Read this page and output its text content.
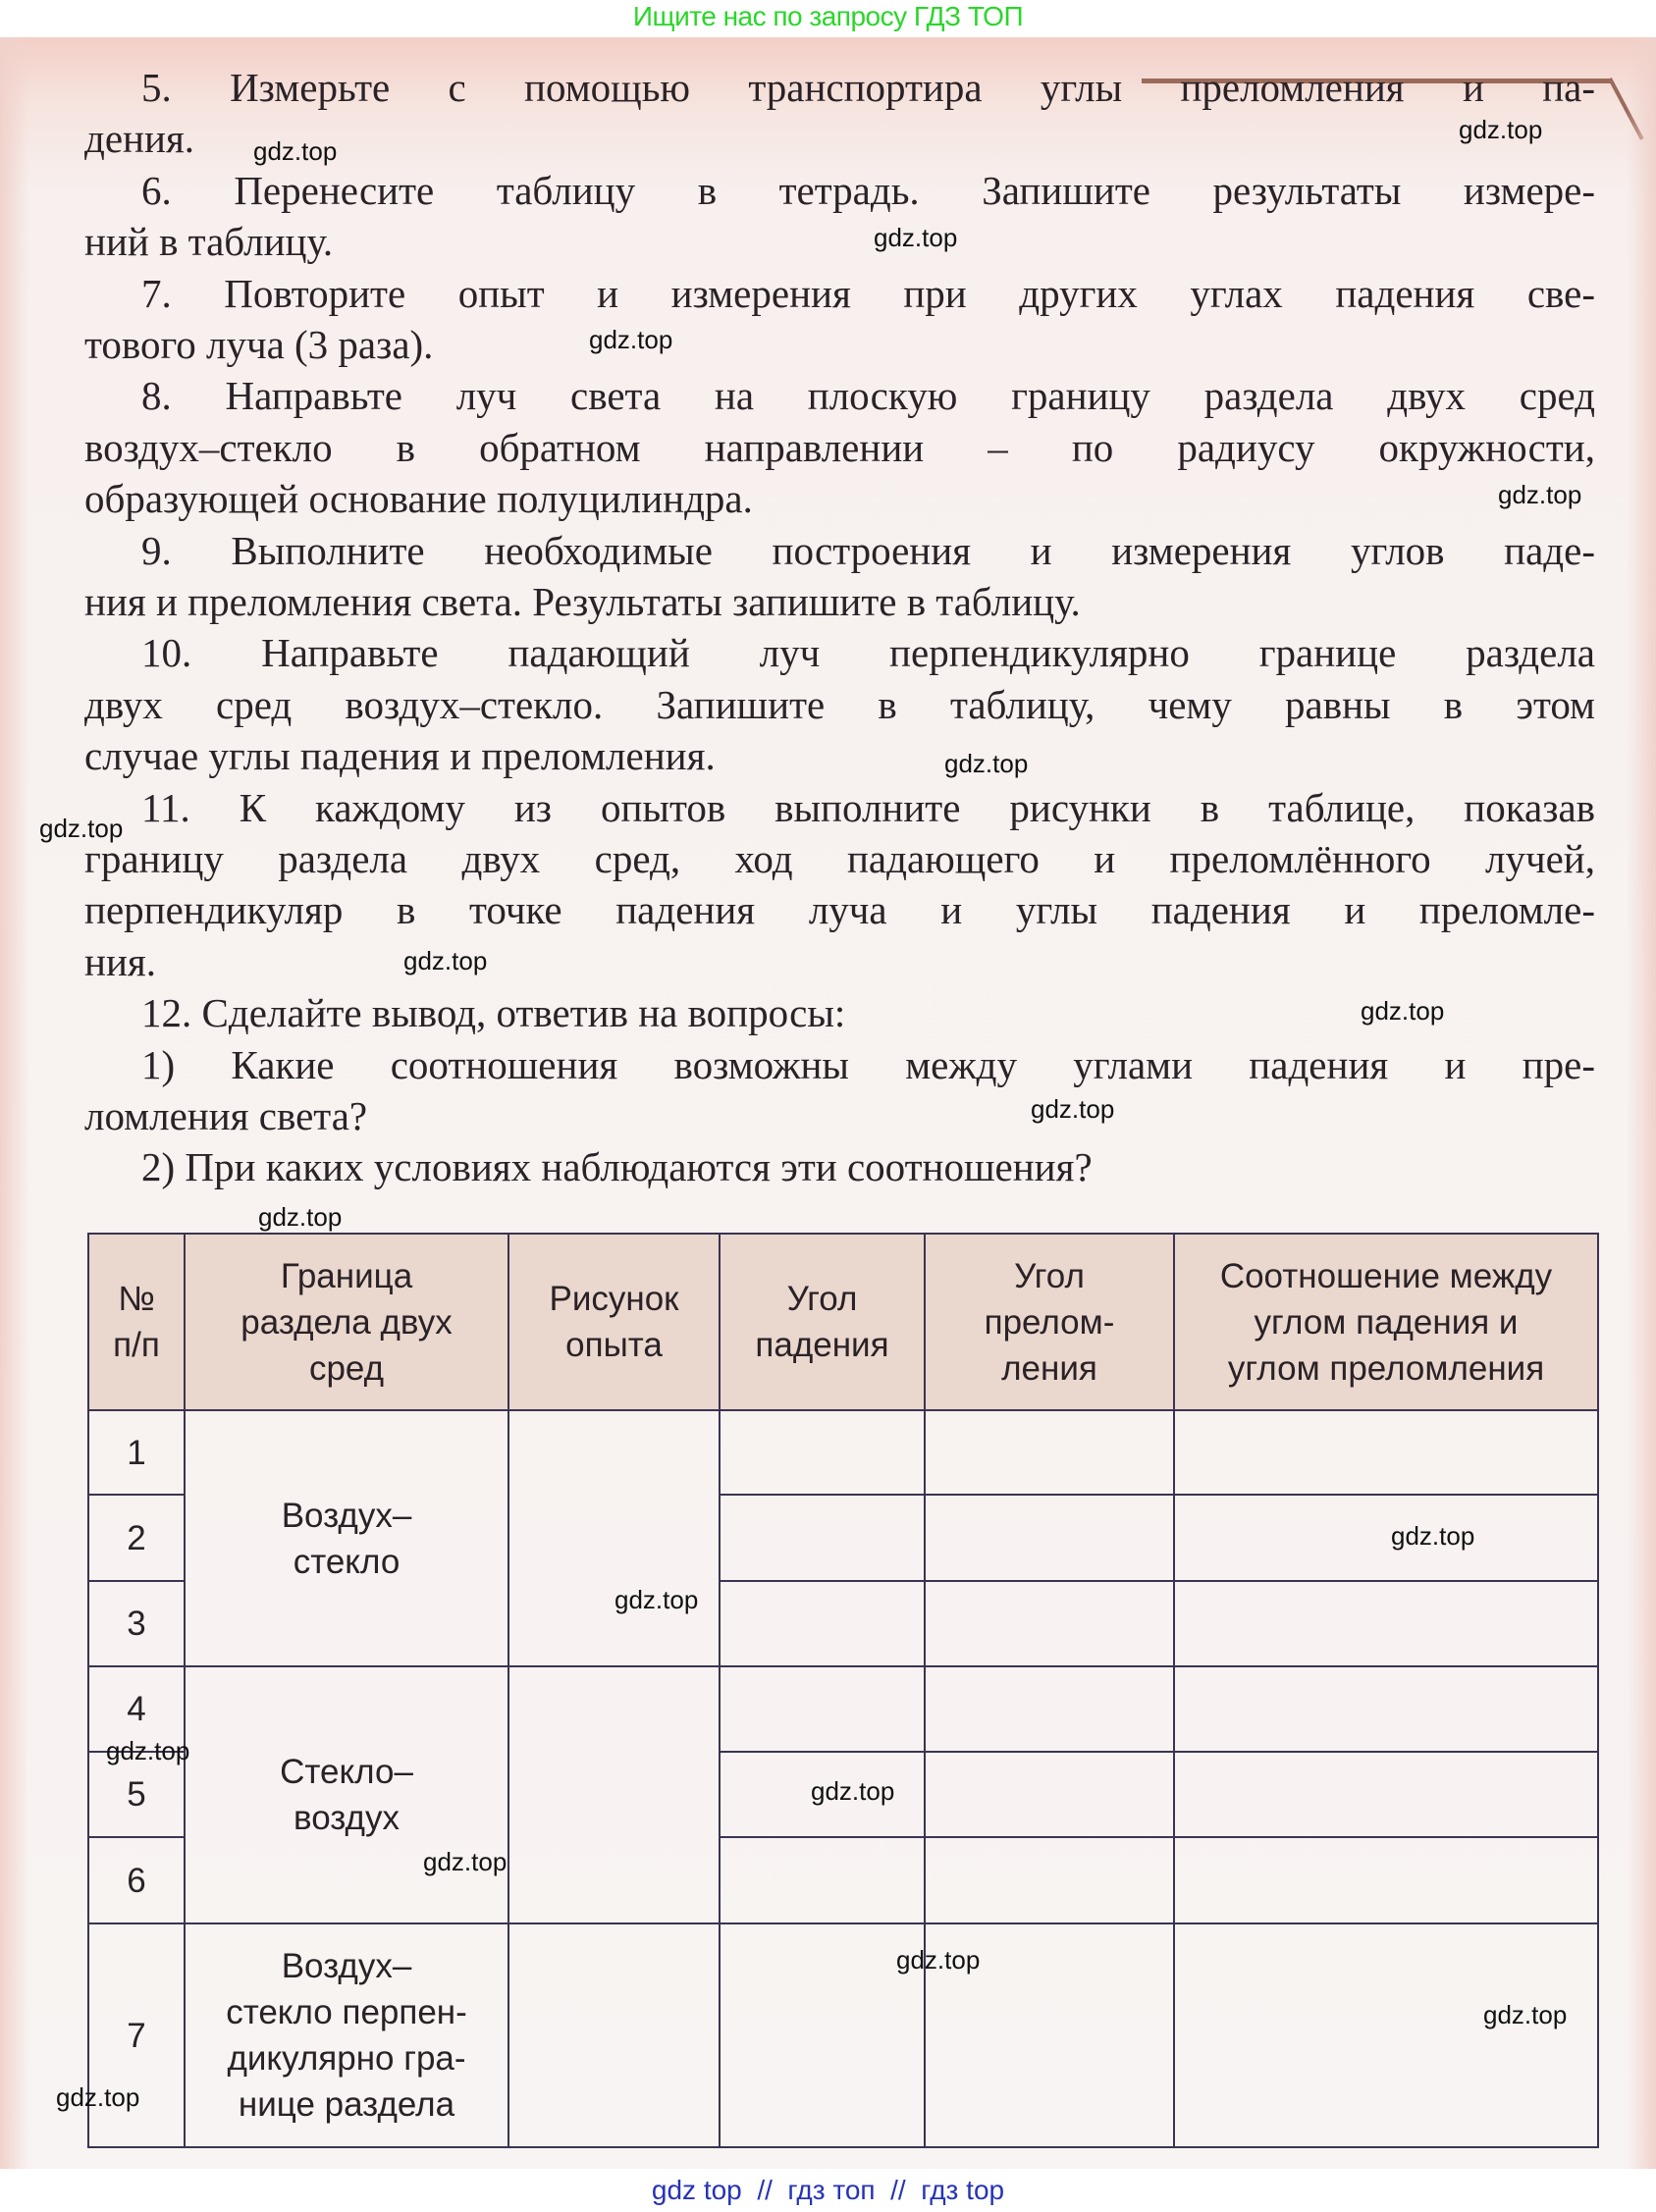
Ищите нас по запросу ГДЗ ТОП
5. Измерьте с помощью транспортира углы преломления и па-
дения.
6. Перенесите таблицу в тетрадь. Запишите результаты измере-
ний в таблицу.
7. Повторите опыт и измерения при других углах падения све-
тового луча (3 раза).
8. Направьте луч света на плоскую границу раздела двух сред
воздух–стекло в обратном направлении – по радиусу окружности,
образующей основание полуцилиндра.
9. Выполните необходимые построения и измерения углов паде-
ния и преломления света. Результаты запишите в таблицу.
10. Направьте падающий луч перпендикулярно границе раздела
двух сред воздух–стекло. Запишите в таблицу, чему равны в этом
случае углы падения и преломления.
11. К каждому из опытов выполните рисунки в таблице, показав
границу раздела двух сред, ход падающего и преломлённого лучей,
перпендикуляр в точке падения луча и углы падения и преломле-
ния.
12. Сделайте вывод, ответив на вопросы:
1) Какие соотношения возможны между углами падения и пре-
ломления света?
2) При каких условиях наблюдаются эти соотношения?
№
п/п	Граница
раздела двух
сред	Рисунок
опыта	Угол
падения	Угол
прелом-
ления	Соотношение между
углом падения и
углом преломления
1	Воздух–
стекло				
2					
3					
4	Стекло–
воздух				
5					
6					
7	Воздух–
стекло перпен-
дикулярно гра-
нице раздела				
gdz.top
gdz.top
gdz.top
gdz.top
gdz.top
gdz.top
gdz.top
gdz.top
gdz.top
gdz.top
gdz.top
gdz.top
gdz.top
gdz.top
gdz.top
gdz.top
gdz.top
gdz.top
gdz.top
gdz top  //  гдз топ  //  гдз top
